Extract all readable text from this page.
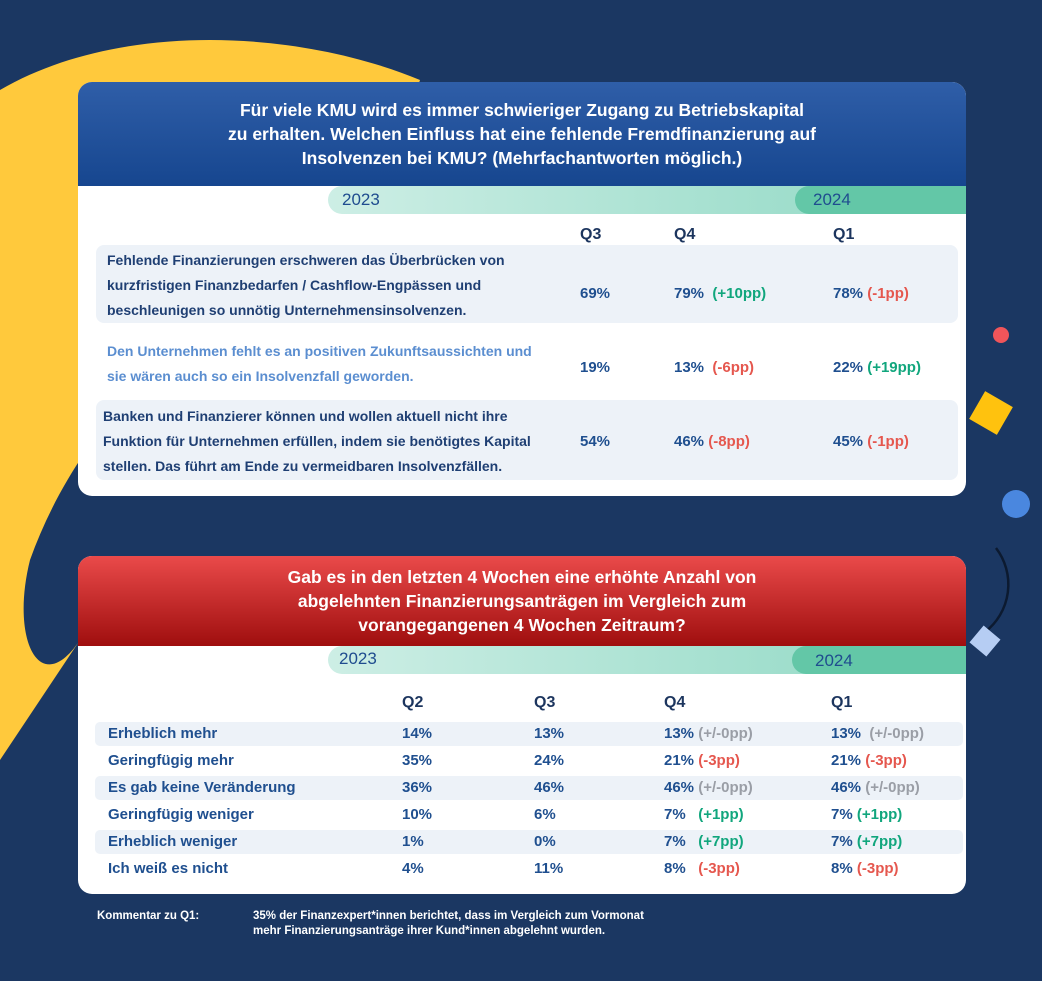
Für viele KMU wird es immer schwieriger Zugang zu Betriebskapital
zu erhalten. Welchen Einfluss hat eine fehlende Fremdfinanzierung auf
Insolvenzen bei KMU? (Mehrfachantworten möglich.)
2023	2024
Q3	Q4	Q1
Fehlende Finanzierungen erschweren das Überbrücken von
kurzfristigen Finanzbedarfen / Cashflow-Engpässen und
beschleunigen so unnötig Unternehmensinsolvenzen.
69%	79% (+10pp)	78% (-1pp)
Den Unternehmen fehlt es an positiven Zukunftsaussichten und
sie wären auch so ein Insolvenzfall geworden.	19%	13% (-6pp)	22% (+19pp)
Banken und Finanzierer können und wollen aktuell nicht ihre
Funktion für Unternehmen erfüllen, indem sie benötigtes Kapital
stellen. Das führt am Ende zu vermeidbaren Insolvenzfällen.
54%	46% (-8pp)	45% (-1pp)
Gab es in den letzten 4 Wochen eine erhöhte Anzahl von
abgelehnten Finanzierungsanträgen im Vergleich zum
vorangegangenen 4 Wochen Zeitraum?
2023	2024
Q2	Q3	Q4	Q1
Erheblich mehr	14%	13%	13% (+/-0pp)	13% (+/-0pp)
Geringfügig mehr	35%	24%	21% (-3pp)	21% (-3pp)
Es gab keine Veränderung	36%	46%	46% (+/-0pp)	46% (+/-0pp)
Geringfügig weniger	10%	6%	7% (+1pp)	7% (+1pp)
Erheblich weniger	1%	0%	7% (+7pp)	7% (+7pp)
Ich weiß es nicht	4%	11%	8% (-3pp)	8% (-3pp)
Kommentar zu Q1:	35% der Finanzexpert*innen berichtet, dass im Vergleich zum Vormonat
mehr Finanzierungsanträge ihrer Kund*innen abgelehnt wurden.
